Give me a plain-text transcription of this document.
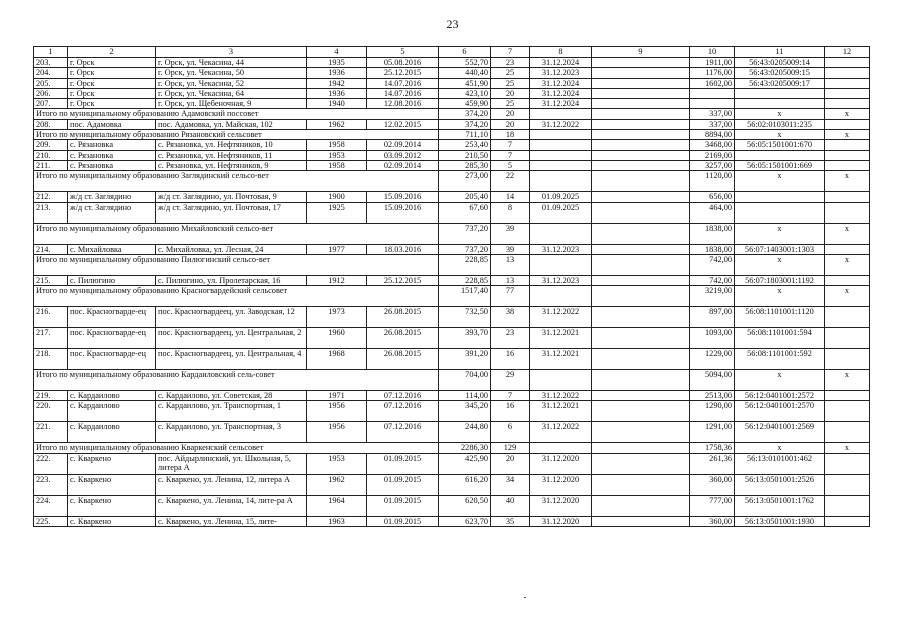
23
1	2	3	4	5	6	7	8	9	10	11	12
203.	г. Орск	г. Орск, ул. Чекасина, 44	1935	05.08.2016	552,70	23	31.12.2024		1911,00	56:43:0205009:14	
204.	г. Орск	г. Орск, ул. Чекасина, 50	1936	25.12.2015	440,40	25	31.12.2023		1176,00	56:43:0205009:15	
205.	г. Орск	г. Орск, ул. Чекасина, 52	1942	14.07.2016	451,90	25	31.12.2024		1602,00	56:43:0205009:17	
206.	г. Орск	г. Орск, ул. Чекасина, 64	1936	14.07.2016	423,10	20	31.12.2024				
207.	г. Орск	г. Орск, ул. Щебеночная, 9	1940	12.08.2016	459,90	25	31.12.2024				
Итого по муниципальному образованию Адамовский поссовет					374,20	20			337,00	х	х
208.	пос. Адамовка	пос. Адамовка, ул. Майская, 102	1962	12.02.2015	374,20	20	31.12.2022		337,00	56:02:0103011:235	
Итого по муниципальному образованию Рязановский сельсовет					711,10	18			8894,00	х	х
209.	с. Рязановка	с. Рязановка, ул. Нефтяников, 10	1958	02.09.2014	253,40	7			3468,00	56:05:1501001:670	
210.	с. Рязановка	с. Рязановка, ул. Нефтяников, 11	1953	03.09.2012	210,50	7			2169,00		
211.	с. Рязановка	с. Рязановка, ул. Нефтяников, 9	1958	02.09.2014	285,30	5			3257,00	56:05:1501001:669	
Итого по муниципальному образованию Заглядинский сельсо-вет					273,00	22			1120,00	х	х
212.	ж/д ст. Заглядино	ж/д ст. Заглядино, ул. Почтовая, 9	1900	15.09.2016	205,40	14	01.09.2025		656,00		
213.	ж/д ст. Заглядино	ж/д ст. Заглядино, ул. Почтовая, 17	1925	15.09.2016	67,60	8	01.09.2025		464,00		
Итого по муниципальному образованию Михайловский сельсо-вет					737,20	39			1838,00	х	х
214.	с. Михайловка	с. Михайловка, ул. Лесная, 24	1977	18.03.2016	737,20	39	31.12.2023		1838,00	56:07:1403001:1303	
Итого по муниципальному образованию Пилюгинский сельсо-вет					228,85	13			742,00	х	х
215.	с. Пилюгино	с. Пилюгино, ул. Пролетарская, 16	1912	25.12.2015	228,85	13	31.12.2023		742,00	56:07:1803001:1192	
Итого по муниципальному образованию Красногвардейский сельсовет					1517,40	77			3219,00	х	х
216.	пос. Красногварде-ец	пос. Красногвардеец, ул. Заводская, 12	1973	26.08.2015	732,50	38	31.12.2022		897,00	56:08:1101001:1120	
217.	пос. Красногварде-ец	пос. Красногвардеец, ул. Центральная, 2	1960	26.08.2015	393,70	23	31.12.2021		1093,00	56:08:1101001:594	
218.	пос. Красногварде-ец	пос. Красногвардеец, ул. Центральная, 4	1968	26.08.2015	391,20	16	31.12.2021		1229,00	56:08:1101001:592	
Итого по муниципальному образованию Кардаиловский сель-совет					704,00	29			5094,00	х	х
219.	с. Кардаилово	с. Кардаилово, ул. Советская, 28	1971	07.12.2016	114,00	7	31.12.2022		2513,00	56:12:0401001:2572	
220.	с. Кардаилово	с. Кардаилово, ул. Транспортная, 1	1956	07.12.2016	345,20	16	31.12.2021		1290,00	56:12:0401001:2570	
221.	с. Кардаилово	с. Кардаилово, ул. Транспортная, 3	1956	07.12.2016	244,80	6	31.12.2022		1291,00	56:12:0401001:2569	
Итого по муниципальному образованию Кваркенский сельсовет					2286,30	129			1758,36	х	х
222.	с. Кваркено	пос. Айдырлинский, ул. Школьная, 5, литера А	1953	01.09.2015	425,90	20	31.12.2020		261,36	56:13:0101001:462	
223.	с. Кваркено	с. Кваркено, ул. Ленина, 12, литера А	1962	01.09.2015	616,20	34	31.12.2020		360,00	56:13:0501001:2526	
224.	с. Кваркено	с. Кваркено, ул. Ленина, 14, лите-ра А	1964	01.09.2015	620,50	40	31.12.2020		777,00	56:13:0501001:1762	
225.	с. Кваркено	с. Кваркено, ул. Ленина, 15, лите-	1963	01.09.2015	623,70	35	31.12.2020		360,00	56:13:0501001:1930	
